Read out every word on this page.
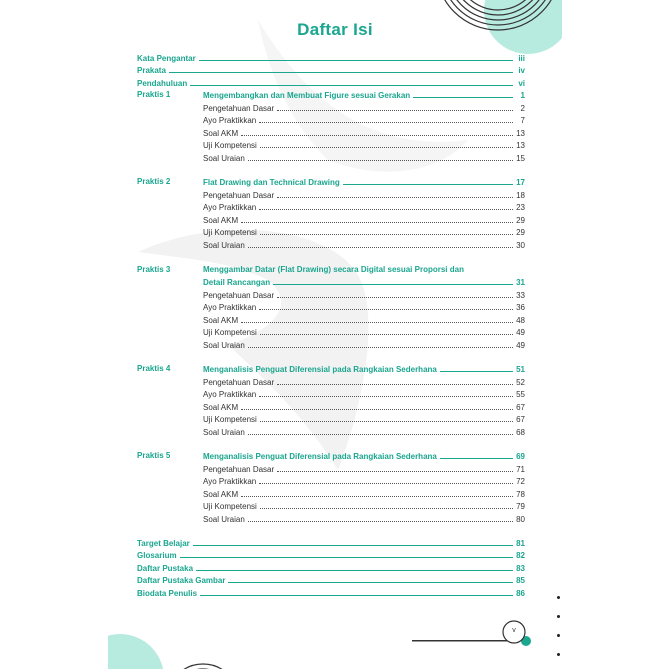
Daftar Isi
Kata Pengantar	iii
Prakata	iv
Pendahuluan	vi
Praktis 1	Mengembangkan dan Membuat Figure sesuai Gerakan	1
Pengetahuan Dasar	2
Ayo Praktikkan	7
Soal AKM	13
Uji Kompetensi	13
Soal Uraian	15
Praktis 2	Flat Drawing dan Technical Drawing	17
Pengetahuan Dasar	18
Ayo Praktikkan	23
Soal AKM	29
Uji Kompetensi	29
Soal Uraian	30
Praktis 3	Menggambar Datar (Flat Drawing) secara Digital sesuai Proporsi dan
Detail Rancangan	31
Pengetahuan Dasar	33
Ayo Praktikkan	36
Soal AKM	48
Uji Kompetensi	49
Soal Uraian	49
Praktis 4	Menganalisis Penguat Diferensial pada Rangkaian Sederhana	51
Pengetahuan Dasar	52
Ayo Praktikkan	55
Soal AKM	67
Uji Kompetensi	67
Soal Uraian	68
Praktis 5	Menganalisis Penguat Diferensial pada Rangkaian Sederhana	69
Pengetahuan Dasar	71
Ayo Praktikkan	72
Soal AKM	78
Uji Kompetensi	79
Soal Uraian	80
Target Belajar	81
Glosarium	82
Daftar Pustaka	83
Daftar Pustaka Gambar	85
Biodata Penulis	86
v
